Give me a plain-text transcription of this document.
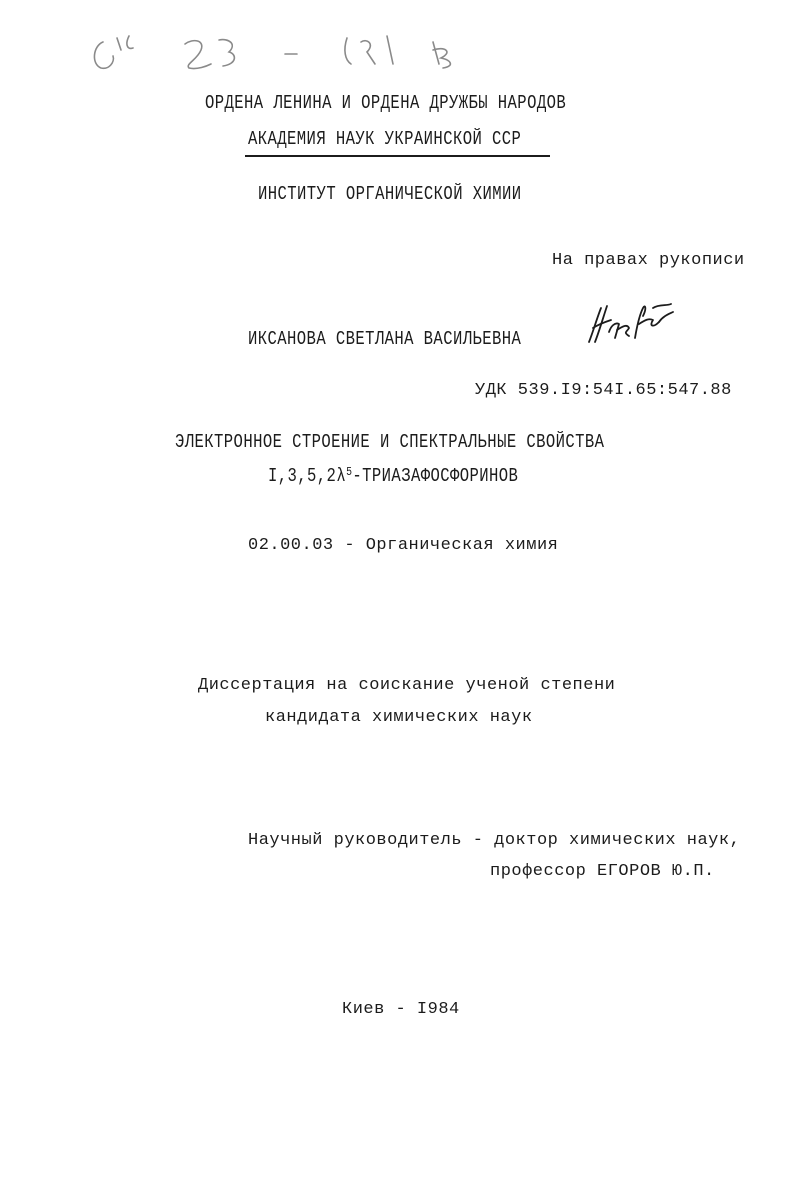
ОРДЕНА ЛЕНИНА И ОРДЕНА ДРУЖБЫ НАРОДОВ
АКАДЕМИЯ НАУК УКРАИНСКОЙ ССР
ИНСТИТУТ ОРГАНИЧЕСКОЙ ХИМИИ
На правах рукописи
ИКСАНОВА СВЕТЛАНА ВАСИЛЬЕВНА
УДК 539.I9:54I.65:547.88
ЭЛЕКТРОННОЕ СТРОЕНИЕ И СПЕКТРАЛЬНЫЕ СВОЙСТВА
$I,3,5,2\lambda^5$-ТРИАЗАФОСФОРИНОВ
02.00.03 - Органическая химия
Диссертация на соискание ученой степени
кандидата химических наук
Научный руководитель - доктор химических наук,
профессор ЕГОРОВ Ю.П.
Киев - I984
